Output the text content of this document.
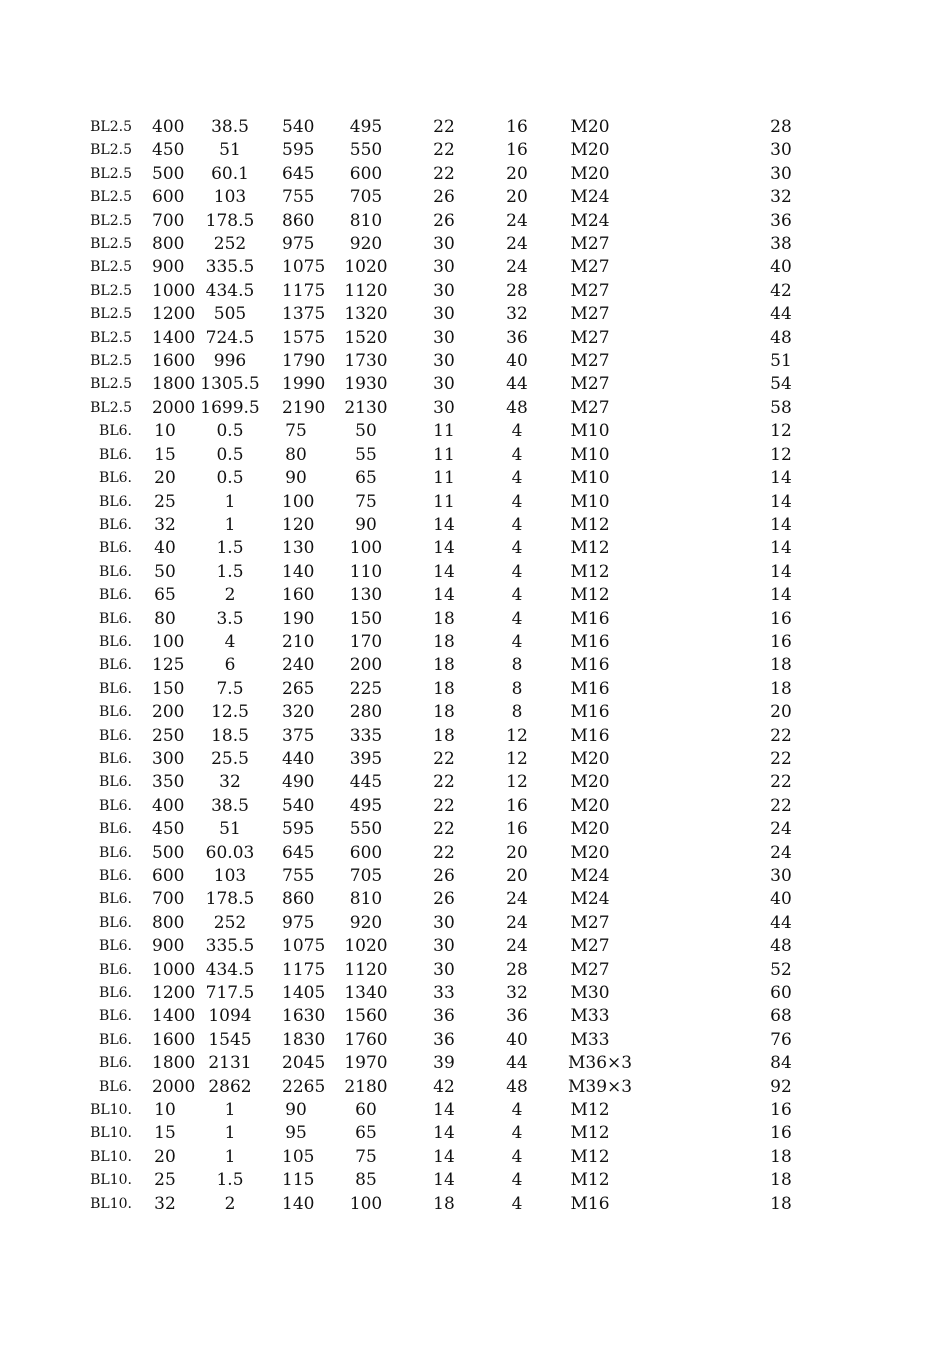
BL2.5	400	38.5	540	495	22	16	M20	28
BL2.5	450	51	595	550	22	16	M20	30
BL2.5	500	60.1	645	600	22	20	M20	30
BL2.5	600	103	755	705	26	20	M24	32
BL2.5	700	178.5	860	810	26	24	M24	36
BL2.5	800	252	975	920	30	24	M27	38
BL2.5	900	335.5	1075	1020	30	24	M27	40
BL2.5	1000	434.5	1175	1120	30	28	M27	42
BL2.5	1200	505	1375	1320	30	32	M27	44
BL2.5	1400	724.5	1575	1520	30	36	M27	48
BL2.5	1600	996	1790	1730	30	40	M27	51
BL2.5	1800	1305.5	1990	1930	30	44	M27	54
BL2.5	2000	1699.5	2190	2130	30	48	M27	58
BL6.	10	0.5	75	50	11	4	M10	12
BL6.	15	0.5	80	55	11	4	M10	12
BL6.	20	0.5	90	65	11	4	M10	14
BL6.	25	1	100	75	11	4	M10	14
BL6.	32	1	120	90	14	4	M12	14
BL6.	40	1.5	130	100	14	4	M12	14
BL6.	50	1.5	140	110	14	4	M12	14
BL6.	65	2	160	130	14	4	M12	14
BL6.	80	3.5	190	150	18	4	M16	16
BL6.	100	4	210	170	18	4	M16	16
BL6.	125	6	240	200	18	8	M16	18
BL6.	150	7.5	265	225	18	8	M16	18
BL6.	200	12.5	320	280	18	8	M16	20
BL6.	250	18.5	375	335	18	12	M16	22
BL6.	300	25.5	440	395	22	12	M20	22
BL6.	350	32	490	445	22	12	M20	22
BL6.	400	38.5	540	495	22	16	M20	22
BL6.	450	51	595	550	22	16	M20	24
BL6.	500	60.03	645	600	22	20	M20	24
BL6.	600	103	755	705	26	20	M24	30
BL6.	700	178.5	860	810	26	24	M24	40
BL6.	800	252	975	920	30	24	M27	44
BL6.	900	335.5	1075	1020	30	24	M27	48
BL6.	1000	434.5	1175	1120	30	28	M27	52
BL6.	1200	717.5	1405	1340	33	32	M30	60
BL6.	1400	1094	1630	1560	36	36	M33	68
BL6.	1600	1545	1830	1760	36	40	M33	76
BL6.	1800	2131	2045	1970	39	44	M36×3	84
BL6.	2000	2862	2265	2180	42	48	M39×3	92
BL10.	10	1	90	60	14	4	M12	16
BL10.	15	1	95	65	14	4	M12	16
BL10.	20	1	105	75	14	4	M12	18
BL10.	25	1.5	115	85	14	4	M12	18
BL10.	32	2	140	100	18	4	M16	18
